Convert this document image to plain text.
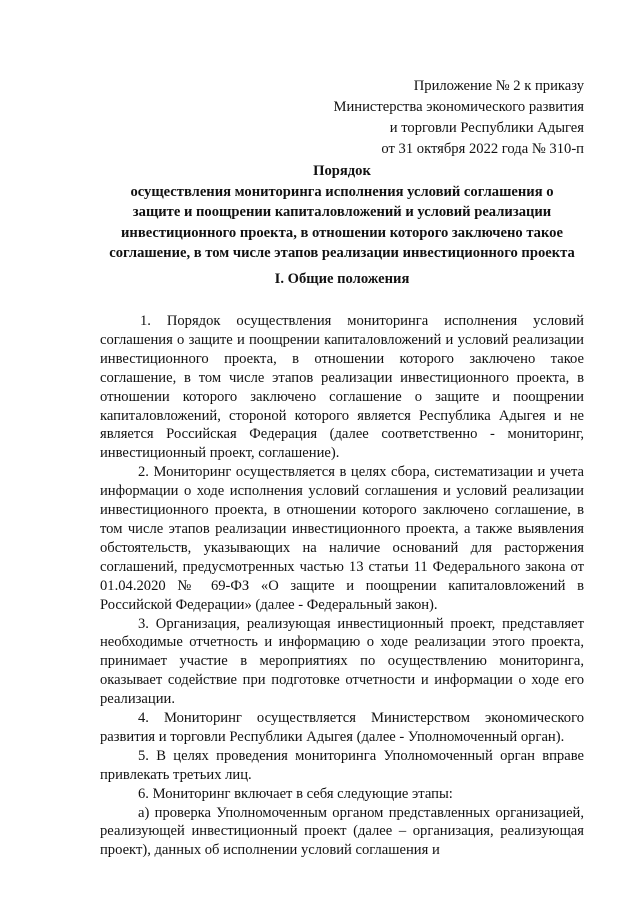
Приложение № 2 к приказу
Министерства экономического развития
и торговли Республики Адыгея
от 31 октября 2022 года № 310-п
Порядок
осуществления мониторинга исполнения условий соглашения о
защите и поощрении капиталовложений и условий реализации
инвестиционного проекта, в отношении которого заключено такое
соглашение, в том числе этапов реализации инвестиционного проекта
I. Общие положения

1. Порядок осуществления мониторинга исполнения условий соглашения о защите и поощрении капиталовложений и условий реализации инвестиционного проекта, в отношении которого заключено такое соглашение, в том числе этапов реализации инвестиционного проекта, в отношении которого заключено соглашение о защите и поощрении капиталовложений, стороной которого является Республика Адыгея и не является Российская Федерация (далее соответственно - мониторинг, инвестиционный проект, соглашение).

2. Мониторинг осуществляется в целях сбора, систематизации и учета информации о ходе исполнения условий соглашения и условий реализации инвестиционного проекта, в отношении которого заключено соглашение, в том числе этапов реализации инвестиционного проекта, а также выявления обстоятельств, указывающих на наличие оснований для расторжения соглашений, предусмотренных частью 13 статьи 11 Федерального закона от 01.04.2020 № 69-ФЗ «О защите и поощрении капиталовложений в Российской Федерации» (далее - Федеральный закон).

3. Организация, реализующая инвестиционный проект, представляет необходимые отчетность и информацию о ходе реализации этого проекта, принимает участие в мероприятиях по осуществлению мониторинга, оказывает содействие при подготовке отчетности и информации о ходе его реализации.

4. Мониторинг осуществляется Министерством экономического развития и торговли Республики Адыгея (далее - Уполномоченный орган).

5. В целях проведения мониторинга Уполномоченный орган вправе привлекать третьих лиц.

6. Мониторинг включает в себя следующие этапы:

а) проверка Уполномоченным органом представленных организацией, реализующей инвестиционный проект (далее – организация, реализующая проект), данных об исполнении условий соглашения и
